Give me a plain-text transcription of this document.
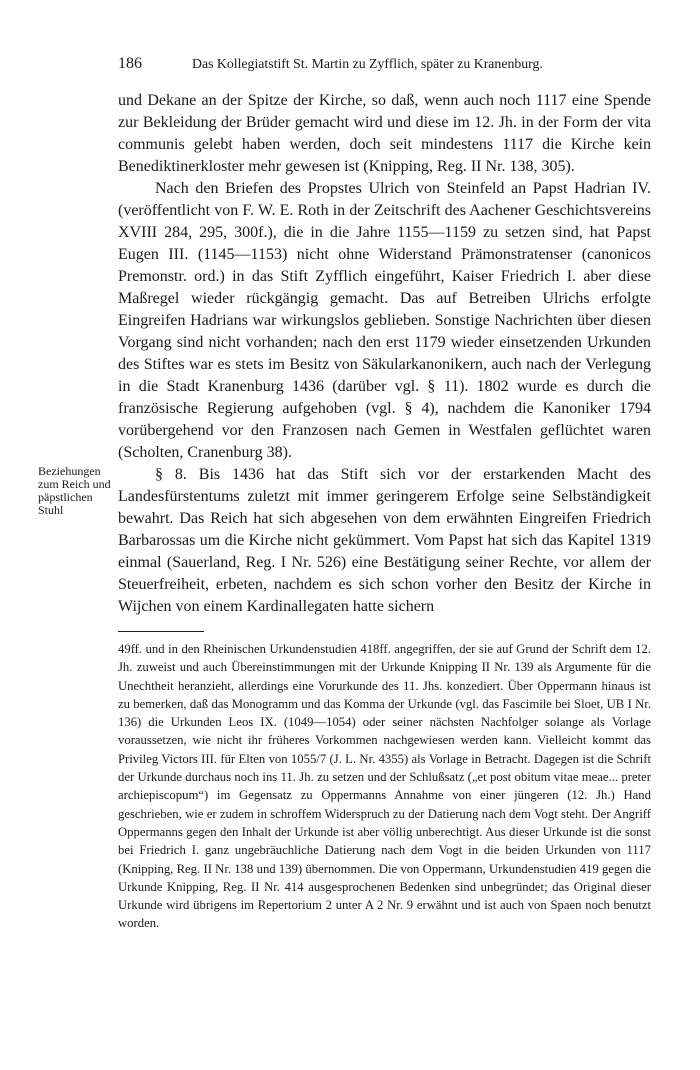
186	Das Kollegiatstift St. Martin zu Zyfflich, später zu Kranenburg.

und Dekane an der Spitze der Kirche, so daß, wenn auch noch 1117 eine Spende zur Bekleidung der Brüder gemacht wird und diese im 12. Jh. in der Form der vita communis gelebt haben werden, doch seit mindestens 1117 die Kirche kein Benediktinerkloster mehr gewesen ist (Knipping, Reg. II Nr. 138, 305).

Nach den Briefen des Propstes Ulrich von Steinfeld an Papst Hadrian IV. (veröffentlicht von F. W. E. Roth in der Zeitschrift des Aachener Geschichtsvereins XVIII 284, 295, 300f.), die in die Jahre 1155—1159 zu setzen sind, hat Papst Eugen III. (1145—1153) nicht ohne Widerstand Prämonstratenser (canonicos Premonstr. ord.) in das Stift Zyfflich eingeführt, Kaiser Friedrich I. aber diese Maßregel wieder rückgängig gemacht. Das auf Betreiben Ulrichs erfolgte Eingreifen Hadrians war wirkungslos geblieben. Sonstige Nachrichten über diesen Vorgang sind nicht vorhanden; nach den erst 1179 wieder einsetzenden Urkunden des Stiftes war es stets im Besitz von Säkularkanonikern, auch nach der Verlegung in die Stadt Kranenburg 1436 (darüber vgl. § 11). 1802 wurde es durch die französische Regierung aufgehoben (vgl. § 4), nachdem die Kanoniker 1794 vorübergehend vor den Franzosen nach Gemen in Westfalen geflüchtet waren (Scholten, Cranenburg 38).

§ 8. Bis 1436 hat das Stift sich vor der erstarkenden Macht des Landesfürstentums zuletzt mit immer geringerem Erfolge seine Selbständigkeit bewahrt. Das Reich hat sich abgesehen von dem erwähnten Eingreifen Friedrich Barbarossas um die Kirche nicht gekümmert. Vom Papst hat sich das Kapitel 1319 einmal (Sauerland, Reg. I Nr. 526) eine Bestätigung seiner Rechte, vor allem der Steuerfreiheit, erbeten, nachdem es sich schon vorher den Besitz der Kirche in Wijchen von einem Kardinallegaten hatte sichern

Beziehungen zum Reich und päpstlichen Stuhl

49ff. und in den Rheinischen Urkundenstudien 418ff. angegriffen, der sie auf Grund der Schrift dem 12. Jh. zuweist und auch Übereinstimmungen mit der Urkunde Knipping II Nr. 139 als Argumente für die Unechtheit heranzieht, allerdings eine Vorurkunde des 11. Jhs. konzediert. Über Oppermann hinaus ist zu bemerken, daß das Monogramm und das Komma der Urkunde (vgl. das Fascimile bei Sloet, UB I Nr. 136) die Urkunden Leos IX. (1049—1054) oder seiner nächsten Nachfolger solange als Vorlage voraussetzen, wie nicht ihr früheres Vorkommen nachgewiesen werden kann. Vielleicht kommt das Privileg Victors III. für Elten von 1055/7 (J. L. Nr. 4355) als Vorlage in Betracht. Dagegen ist die Schrift der Urkunde durchaus noch ins 11. Jh. zu setzen und der Schlußsatz („et post obitum vitae meae... preter archiepiscopum“) im Gegensatz zu Oppermanns Annahme von einer jüngeren (12. Jh.) Hand geschrieben, wie er zudem in schroffem Widerspruch zu der Datierung nach dem Vogt steht. Der Angriff Oppermanns gegen den Inhalt der Urkunde ist aber völlig unberechtigt. Aus dieser Urkunde ist die sonst bei Friedrich I. ganz ungebräuchliche Datierung nach dem Vogt in die beiden Urkunden von 1117 (Knipping, Reg. II Nr. 138 und 139) übernommen. Die von Oppermann, Urkundenstudien 419 gegen die Urkunde Knipping, Reg. II Nr. 414 ausgesprochenen Bedenken sind unbegründet; das Original dieser Urkunde wird übrigens im Repertorium 2 unter A 2 Nr. 9 erwähnt und ist auch von Spaen noch benutzt worden.
